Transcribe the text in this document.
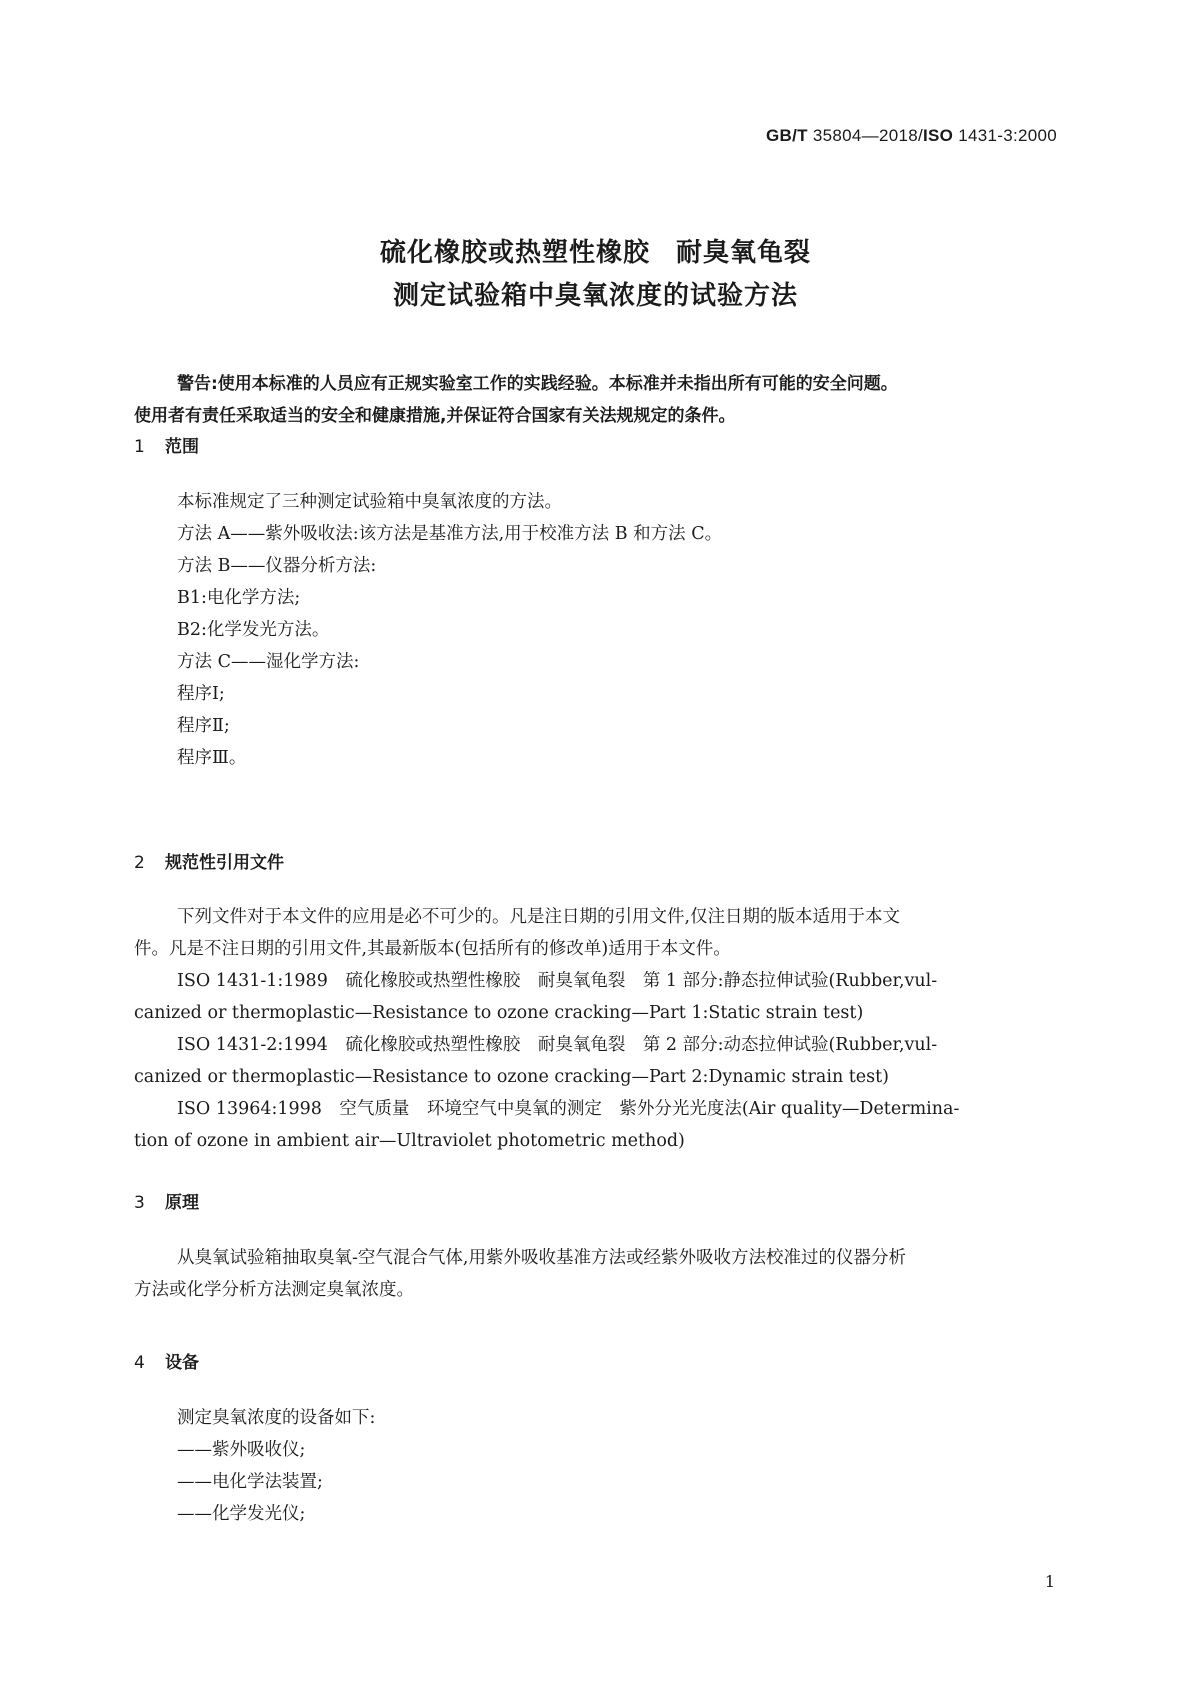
GB/T 35804—2018/ISO 1431-3:2000
硫化橡胶或热塑性橡胶 耐臭氧龟裂
测定试验箱中臭氧浓度的试验方法
警告:使用本标准的人员应有正规实验室工作的实践经验。本标准并未指出所有可能的安全问题。
使用者有责任采取适当的安全和健康措施,并保证符合国家有关法规规定的条件。
1 范围
本标准规定了三种测定试验箱中臭氧浓度的方法。
方法 A——紫外吸收法:该方法是基准方法,用于校准方法 B 和方法 C。
方法 B——仪器分析方法:
B1:电化学方法;
B2:化学发光方法。
方法 C——湿化学方法:
程序Ⅰ;
程序Ⅱ;
程序Ⅲ。
2 规范性引用文件
下列文件对于本文件的应用是必不可少的。凡是注日期的引用文件,仅注日期的版本适用于本文
件。凡是不注日期的引用文件,其最新版本(包括所有的修改单)适用于本文件。
ISO 1431-1:1989　硫化橡胶或热塑性橡胶　耐臭氧龟裂　第 1 部分:静态拉伸试验(Rubber,vul-
canized or thermoplastic—Resistance to ozone cracking—Part 1:Static strain test)
ISO 1431-2:1994　硫化橡胶或热塑性橡胶　耐臭氧龟裂　第 2 部分:动态拉伸试验(Rubber,vul-
canized or thermoplastic—Resistance to ozone cracking—Part 2:Dynamic strain test)
ISO 13964:1998　空气质量　环境空气中臭氧的测定　紫外分光光度法(Air quality—Determina-
tion of ozone in ambient air—Ultraviolet photometric method)
3 原理
从臭氧试验箱抽取臭氧-空气混合气体,用紫外吸收基准方法或经紫外吸收方法校准过的仪器分析
方法或化学分析方法测定臭氧浓度。
4 设备
测定臭氧浓度的设备如下:
——紫外吸收仪;
——电化学法装置;
——化学发光仪;
1
